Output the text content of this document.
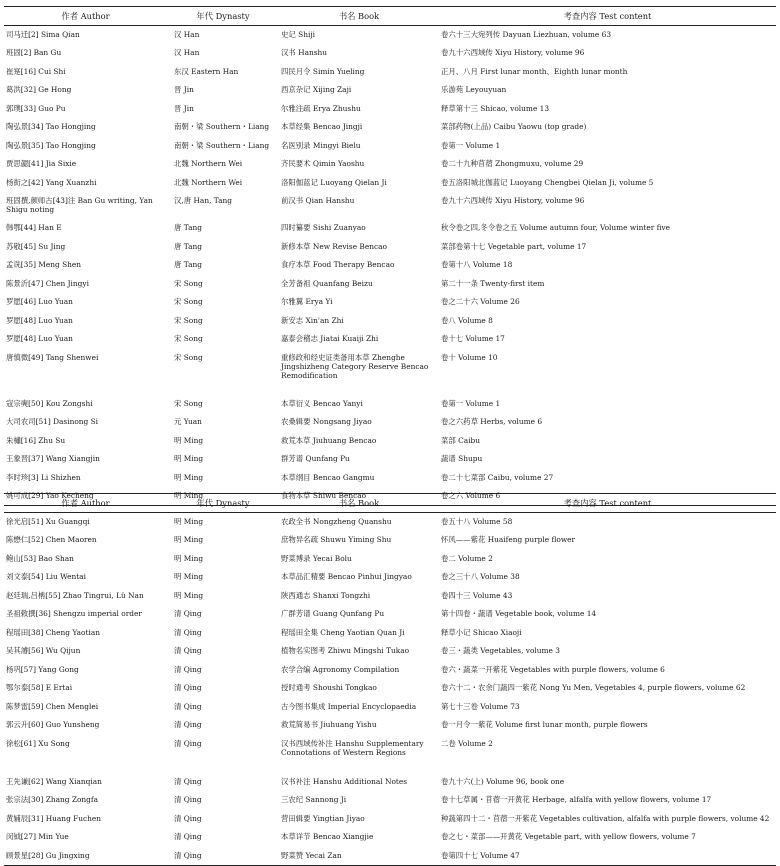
作者 Author	年代 Dynasty	书名 Book	考查内容 Test content
司马迁[2] Sima Qian	汉 Han	史记 Shiji	卷六十三大宛列传 Dayuan Liezhuan, volume 63
班固[2] Ban Gu	汉 Han	汉书 Hanshu	卷九十六西域传 Xiyu History, volume 96
崔寔[16] Cui Shi	东汉 Eastern Han	四民月令 Simin Yueling	正月、八月 First lunar month、Eighth lunar month
葛洪[32] Ge Hong	晋 Jin	西京杂记 Xijing Zaji	乐游苑 Leyouyuan
郭璞[33] Guo Pu	晋 Jin	尔雅注疏 Erya Zhushu	释草第十三 Shicao, volume 13
陶弘景[34] Tao Hongjing	南朝・梁 Southern・Liang	本草经集 Bencao Jingji	菜部药物(上品) Caibu Yaowu (top grade)
陶弘景[35] Tao Hongjing	南朝・梁 Southern・Liang	名医别录 Mingyi Bielu	卷第一 Volume 1
贾思勰[41] Jia Sixie	北魏 Northern Wei	齐民要术 Qimin Yaoshu	卷二十九种苜蓿 Zhongmuxu, volume 29
杨衒之[42] Yang Xuanzhi	北魏 Northern Wei	洛阳伽蓝记 Luoyang Qielan Ji	卷五洛阳城北伽蓝记 Luoyang Chengbei Qielan Ji, volume 5
班固撰,颜师古[43]注 Ban Gu writing, Yan Shigu noting	汉,唐 Han, Tang	前汉书 Qian Hanshu	卷九十六西域传 Xiyu History, volume 96
韩鄂[44] Han E	唐 Tang	四时纂要 Sishi Zuanyao	秋令卷之四,冬令卷之五 Volume autumn four, Volume winter five
苏敬[45] Su Jing	唐 Tang	新修本草 New Revise Bencao	菜部卷第十七 Vegetable part, volume 17
孟诜[35] Meng Shen	唐 Tang	食疗本草 Food Therapy Bencao	卷第十八 Volume 18
陈景沂[47] Chen Jingyi	宋 Song	全芳备祖 Quanfang Beizu	第二十一条 Twenty-first item
罗愿[46] Luo Yuan	宋 Song	尔雅翼 Erya Yi	卷之二十六 Volume 26
罗愿[48] Luo Yuan	宋 Song	新安志 Xin'an Zhi	卷八 Volume 8
罗愿[48] Luo Yuan	宋 Song	嘉泰会稽志 Jiatai Kuaiji Zhi	卷十七 Volume 17
唐慎微[49] Tang Shenwei	宋 Song	重修政和经史证类备用本草 Zhenghe Jingshizheng Category Reserve Bencao Remodification	卷十 Volume 10
寇宗奭[50] Kou Zongshi	宋 Song	本草衍义 Bencao Yanyi	卷第一 Volume 1
大司农司[51] Dasinong Si	元 Yuan	农桑辑要 Nongsang Jiyao	卷之六药草 Herbs, volume 6
朱橚[16] Zhu Su	明 Ming	救荒本草 Jiuhuang Bencao	菜部 Caibu
王象晋[37] Wang Xiangjin	明 Ming	群芳谱 Qunfang Pu	蔬谱 Shupu
李时珍[3] Li Shizhen	明 Ming	本草纲目 Bencao Gangmu	卷二十七菜部 Caibu, volume 27
姚可成[29] Yao Kecheng	明 Ming	食物本草 Shiwu Bencao	卷之六 Volume 6
作者 Author	年代 Dynasty	书名 Book	考查内容 Test content
徐光启[51] Xu Guangqi	明 Ming	农政全书 Nongzheng Quanshu	卷五十八 Volume 58
陈懋仁[52] Chen Maoren	明 Ming	庶物异名疏 Shuwu Yiming Shu	怀风——紫花 Huaifeng purple flower
鲍山[53] Bao Shan	明 Ming	野菜博录 Yecai Bolu	卷二 Volume 2
刘文泰[54] Liu Wentai	明 Ming	本草品汇精要 Bencao Pinhui Jingyao	卷之三十八 Volume 38
赵廷瑞,吕柟[55] Zhao Tingrui, Lü Nan	明 Ming	陕西通志 Shanxi Tongzhi	卷四十三 Volume 43
圣祖敕撰[36] Shengzu imperial order	清 Qing	广群芳谱 Guang Qunfang Pu	第十四卷・蔬谱 Vegetable book, volume 14
程瑶田[38] Cheng Yaotian	清 Qing	程瑶田全集 Cheng Yaotian Quan Ji	释草小记 Shicao Xiaoji
吴其濬[56] Wu Qijun	清 Qing	植物名实图考 Zhiwu Mingshi Tukao	卷三・蔬类 Vegetables, volume 3
杨巩[57] Yang Gong	清 Qing	农学合编 Agronomy Compilation	卷六・蔬菜一开紫花 Vegetables with purple flowers, volume 6
鄂尔泰[58] E Ertai	清 Qing	授时通考 Shoushi Tongkao	卷六十二・农余门蔬四一紫花 Nong Yu Men, Vegetables 4, purple flowers, volume 62
陈梦雷[59] Chen Menglei	清 Qing	古今图书集成 Imperial Encyclopaedia	第七十三卷 Volume 73
郭云升[60] Guo Yunsheng	清 Qing	救荒简易书 Jiuhuang Yishu	卷一月令一紫花 Volume first lunar month, purple flowers
徐松[61] Xu Song	清 Qing	汉书西域传补注 Hanshu Supplementary Connotations of Western Regions	二卷 Volume 2
王先谦[62] Wang Xianqian	清 Qing	汉书补注 Hanshu Additional Notes	卷九十六(上) Volume 96, book one
张宗法[30] Zhang Zongfa	清 Qing	三农纪 Sannong Ji	卷十七草属・苜蓿一开黄花 Herbage, alfalfa with yellow flowers, volume 17
黄辅辰[31] Huang Fuchen	清 Qing	营田辑要 Yingtian Jiyao	种蔬第四十二・苜蓿一开紫花 Vegetables cultivation, alfalfa with purple flowers, volume 42
闵钺[27] Min Yue	清 Qing	本草详节 Bencao Xiangjie	卷之七・菜部——开黄花 Vegetable part, with yellow flowers, volume 7
顾景星[28] Gu Jingxing	清 Qing	野菜赞 Yecai Zan	卷第四十七 Volume 47
